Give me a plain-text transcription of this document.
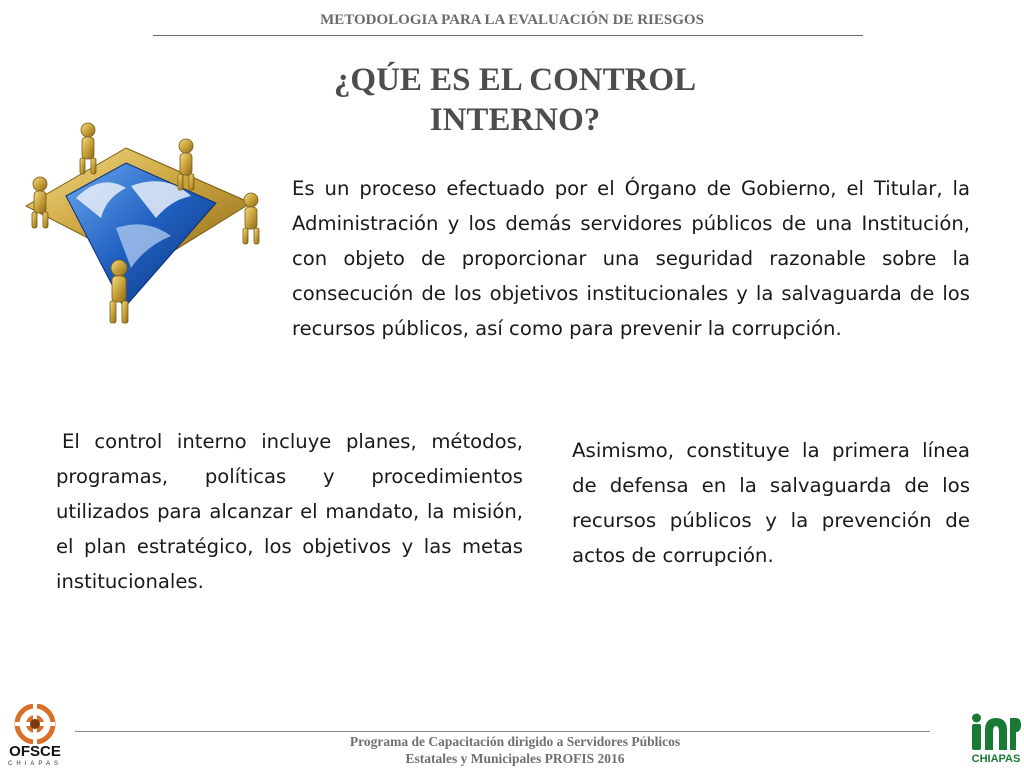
METODOLOGIA PARA LA EVALUACIÓN DE RIESGOS
¿QÚE ES EL CONTROL
INTERNO?

Es un proceso efectuado por el Órgano de Gobierno, el Titular, la Administración y los demás servidores públicos de una Institución, con objeto de proporcionar una seguridad razonable sobre la consecución de los objetivos institucionales y la salvaguarda de los recursos públicos, así como para prevenir la corrupción.

El control interno incluye planes, métodos, programas, políticas y procedimientos utilizados para alcanzar el mandato, la misión, el plan estratégico, los objetivos y las metas institucionales.

Asimismo, constituye la primera línea de defensa en la salvaguarda de los recursos públicos y la prevención de actos de corrupción.

Programa de Capacitación dirigido a Servidores Públicos
Estatales y Municipales PROFIS 2016
OFSCE
CHIAPAS	CHIAPAS
